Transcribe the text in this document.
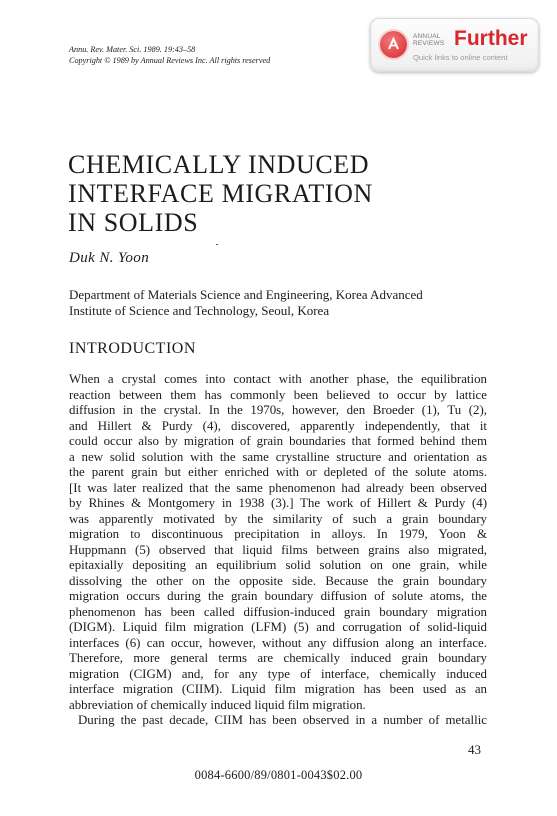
Annu. Rev. Mater. Sci. 1989. 19:43–58
Copyright © 1989 by Annual Reviews Inc. All rights reserved
ANNUAL
REVIEWS Further
Quick links to online content
CHEMICALLY INDUCED
INTERFACE MIGRATION
IN SOLIDS
Duk N. Yoon
Department of Materials Science and Engineering, Korea Advanced
Institute of Science and Technology, Seoul, Korea
INTRODUCTION
When a crystal comes into contact with another phase, the equilibration
reaction between them has commonly been believed to occur by lattice
diffusion in the crystal. In the 1970s, however, den Broeder (1), Tu (2),
and Hillert & Purdy (4), discovered, apparently independently, that it
could occur also by migration of grain boundaries that formed behind them
a new solid solution with the same crystalline structure and orientation as
the parent grain but either enriched with or depleted of the solute atoms.
[It was later realized that the same phenomenon had already been observed
by Rhines & Montgomery in 1938 (3).] The work of Hillert & Purdy (4)
was apparently motivated by the similarity of such a grain boundary
migration to discontinuous precipitation in alloys. In 1979, Yoon &
Huppmann (5) observed that liquid films between grains also migrated,
epitaxially depositing an equilibrium solid solution on one grain, while
dissolving the other on the opposite side. Because the grain boundary
migration occurs during the grain boundary diffusion of solute atoms, the
phenomenon has been called diffusion-induced grain boundary migration
(DIGM). Liquid film migration (LFM) (5) and corrugation of solid-liquid
interfaces (6) can occur, however, without any diffusion along an interface.
Therefore, more general terms are chemically induced grain boundary
migration (CIGM) and, for any type of interface, chemically induced
interface migration (CIIM). Liquid film migration has been used as an
abbreviation of chemically induced liquid film migration.
During the past decade, CIIM has been observed in a number of metallic
43
0084-6600/89/0801-0043$02.00
